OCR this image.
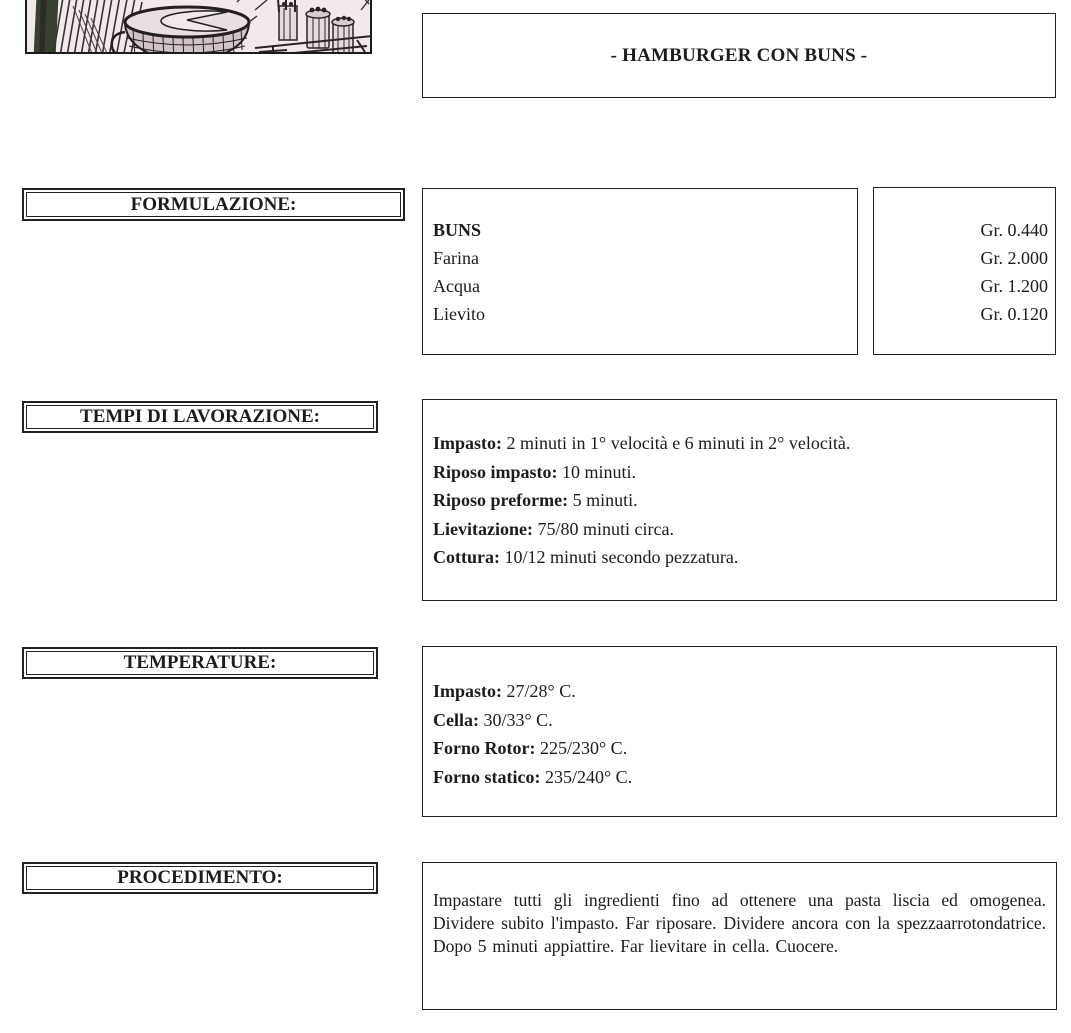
- HAMBURGER CON BUNS -
FORMULAZIONE:
BUNS
Farina
Acqua
Lievito
Gr. 0.440
Gr. 2.000
Gr. 1.200
Gr. 0.120
TEMPI DI LAVORAZIONE:
Impasto: 2 minuti in 1° velocità e 6 minuti in 2° velocità.
Riposo impasto: 10 minuti.
Riposo preforme: 5 minuti.
Lievitazione: 75/80 minuti circa.
Cottura: 10/12 minuti secondo pezzatura.
TEMPERATURE:
Impasto: 27/28° C.
Cella: 30/33° C.
Forno Rotor: 225/230° C.
Forno statico: 235/240° C.
PROCEDIMENTO:
Impastare tutti gli ingredienti fino ad ottenere una pasta liscia ed omogenea. Dividere subito l'impasto. Far riposare. Dividere ancora con la spezzaarrotondatrice. Dopo 5 minuti appiattire. Far lievitare in cella. Cuocere.
